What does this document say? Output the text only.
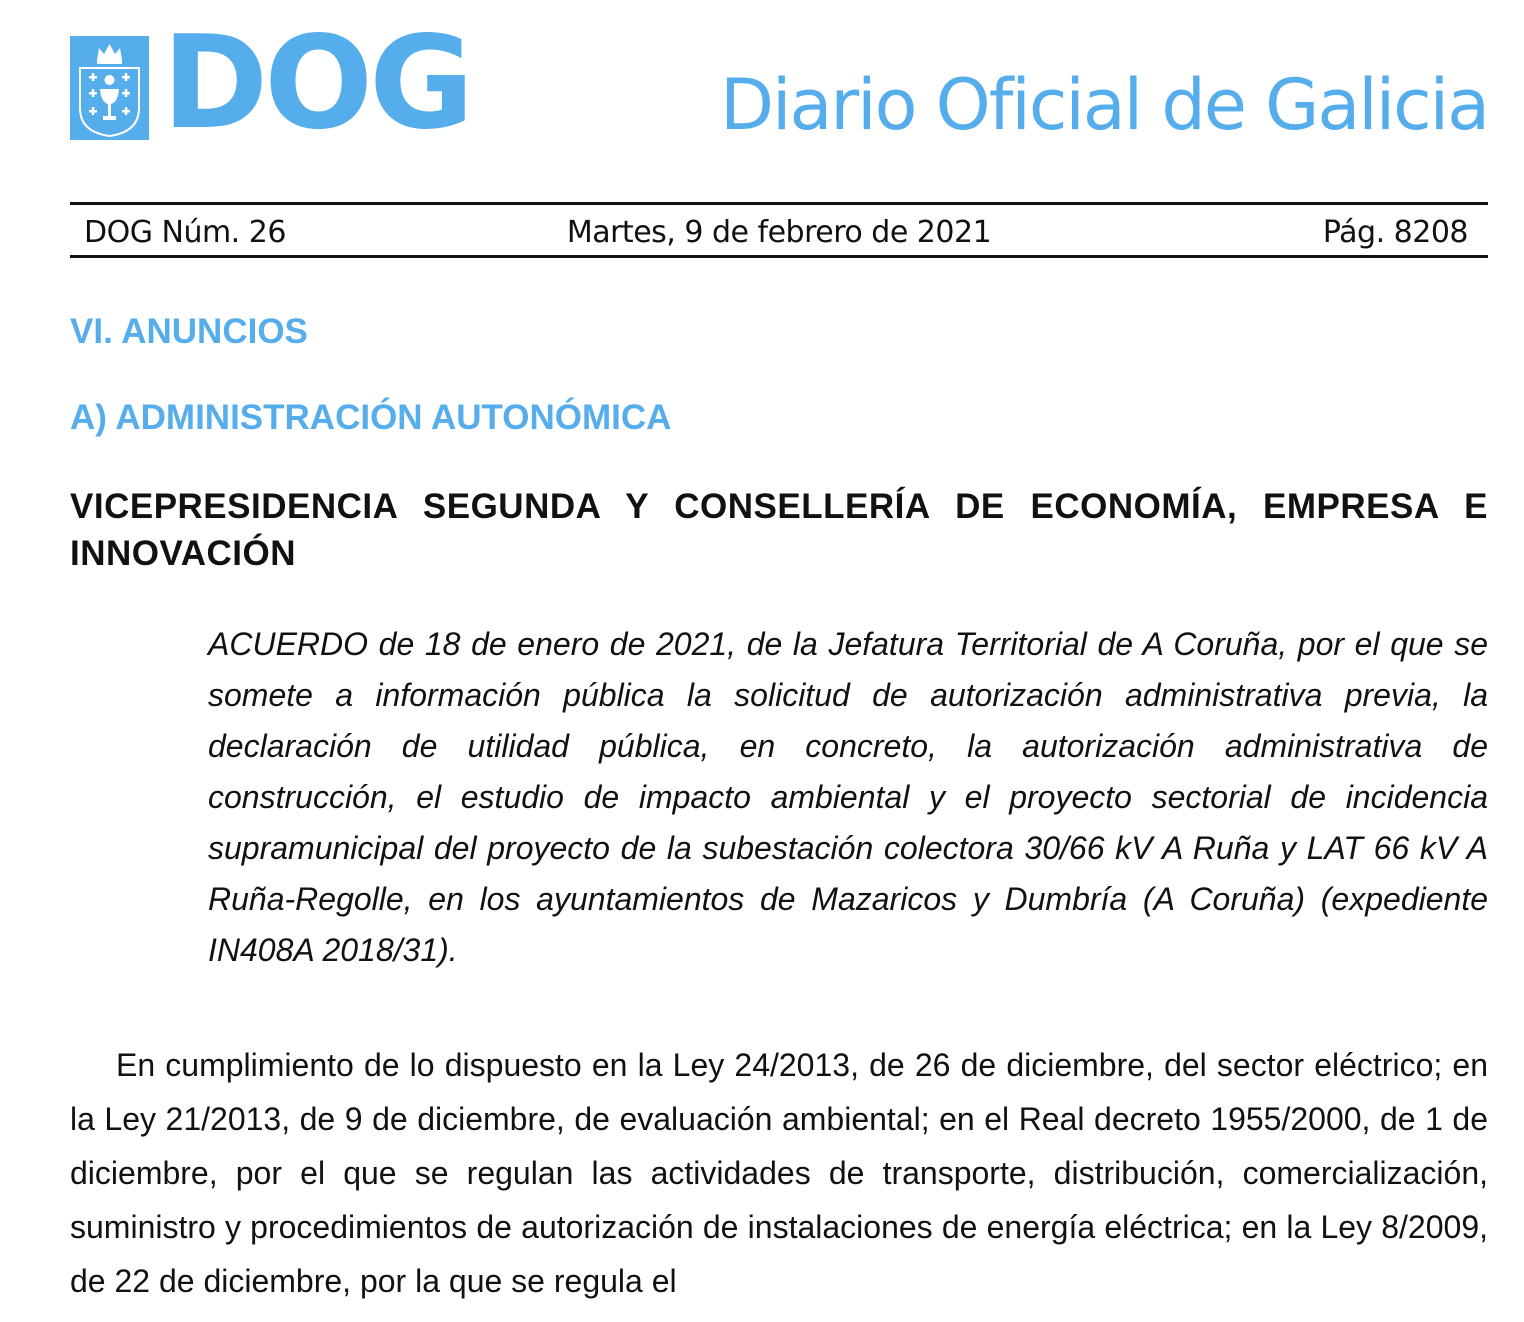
DOG	Diario Oficial de Galicia
DOG Núm. 26	Martes, 9 de febrero de 2021	Pág. 8208
VI. ANUNCIOS
A) ADMINISTRACIÓN AUTONÓMICA
VICEPRESIDENCIA SEGUNDA Y CONSELLERÍA DE ECONOMÍA, EMPRESA E INNOVACIÓN
ACUERDO de 18 de enero de 2021, de la Jefatura Territorial de A Coruña, por el que se somete a información pública la solicitud de autorización administrativa previa, la declaración de utilidad pública, en concreto, la autorización administrativa de construcción, el estudio de impacto ambiental y el proyecto sectorial de incidencia supramunicipal del proyecto de la subestación colectora 30/66 kV A Ruña y LAT 66 kV A Ruña-Regolle, en los ayuntamientos de Mazaricos y Dumbría (A Coruña) (expediente IN408A 2018/31).
En cumplimiento de lo dispuesto en la Ley 24/2013, de 26 de diciembre, del sector eléctrico; en la Ley 21/2013, de 9 de diciembre, de evaluación ambiental; en el Real decreto 1955/2000, de 1 de diciembre, por el que se regulan las actividades de transporte, distribución, comercialización, suministro y procedimientos de autorización de instalaciones de energía eléctrica; en la Ley 8/2009, de 22 de diciembre, por la que se regula el
